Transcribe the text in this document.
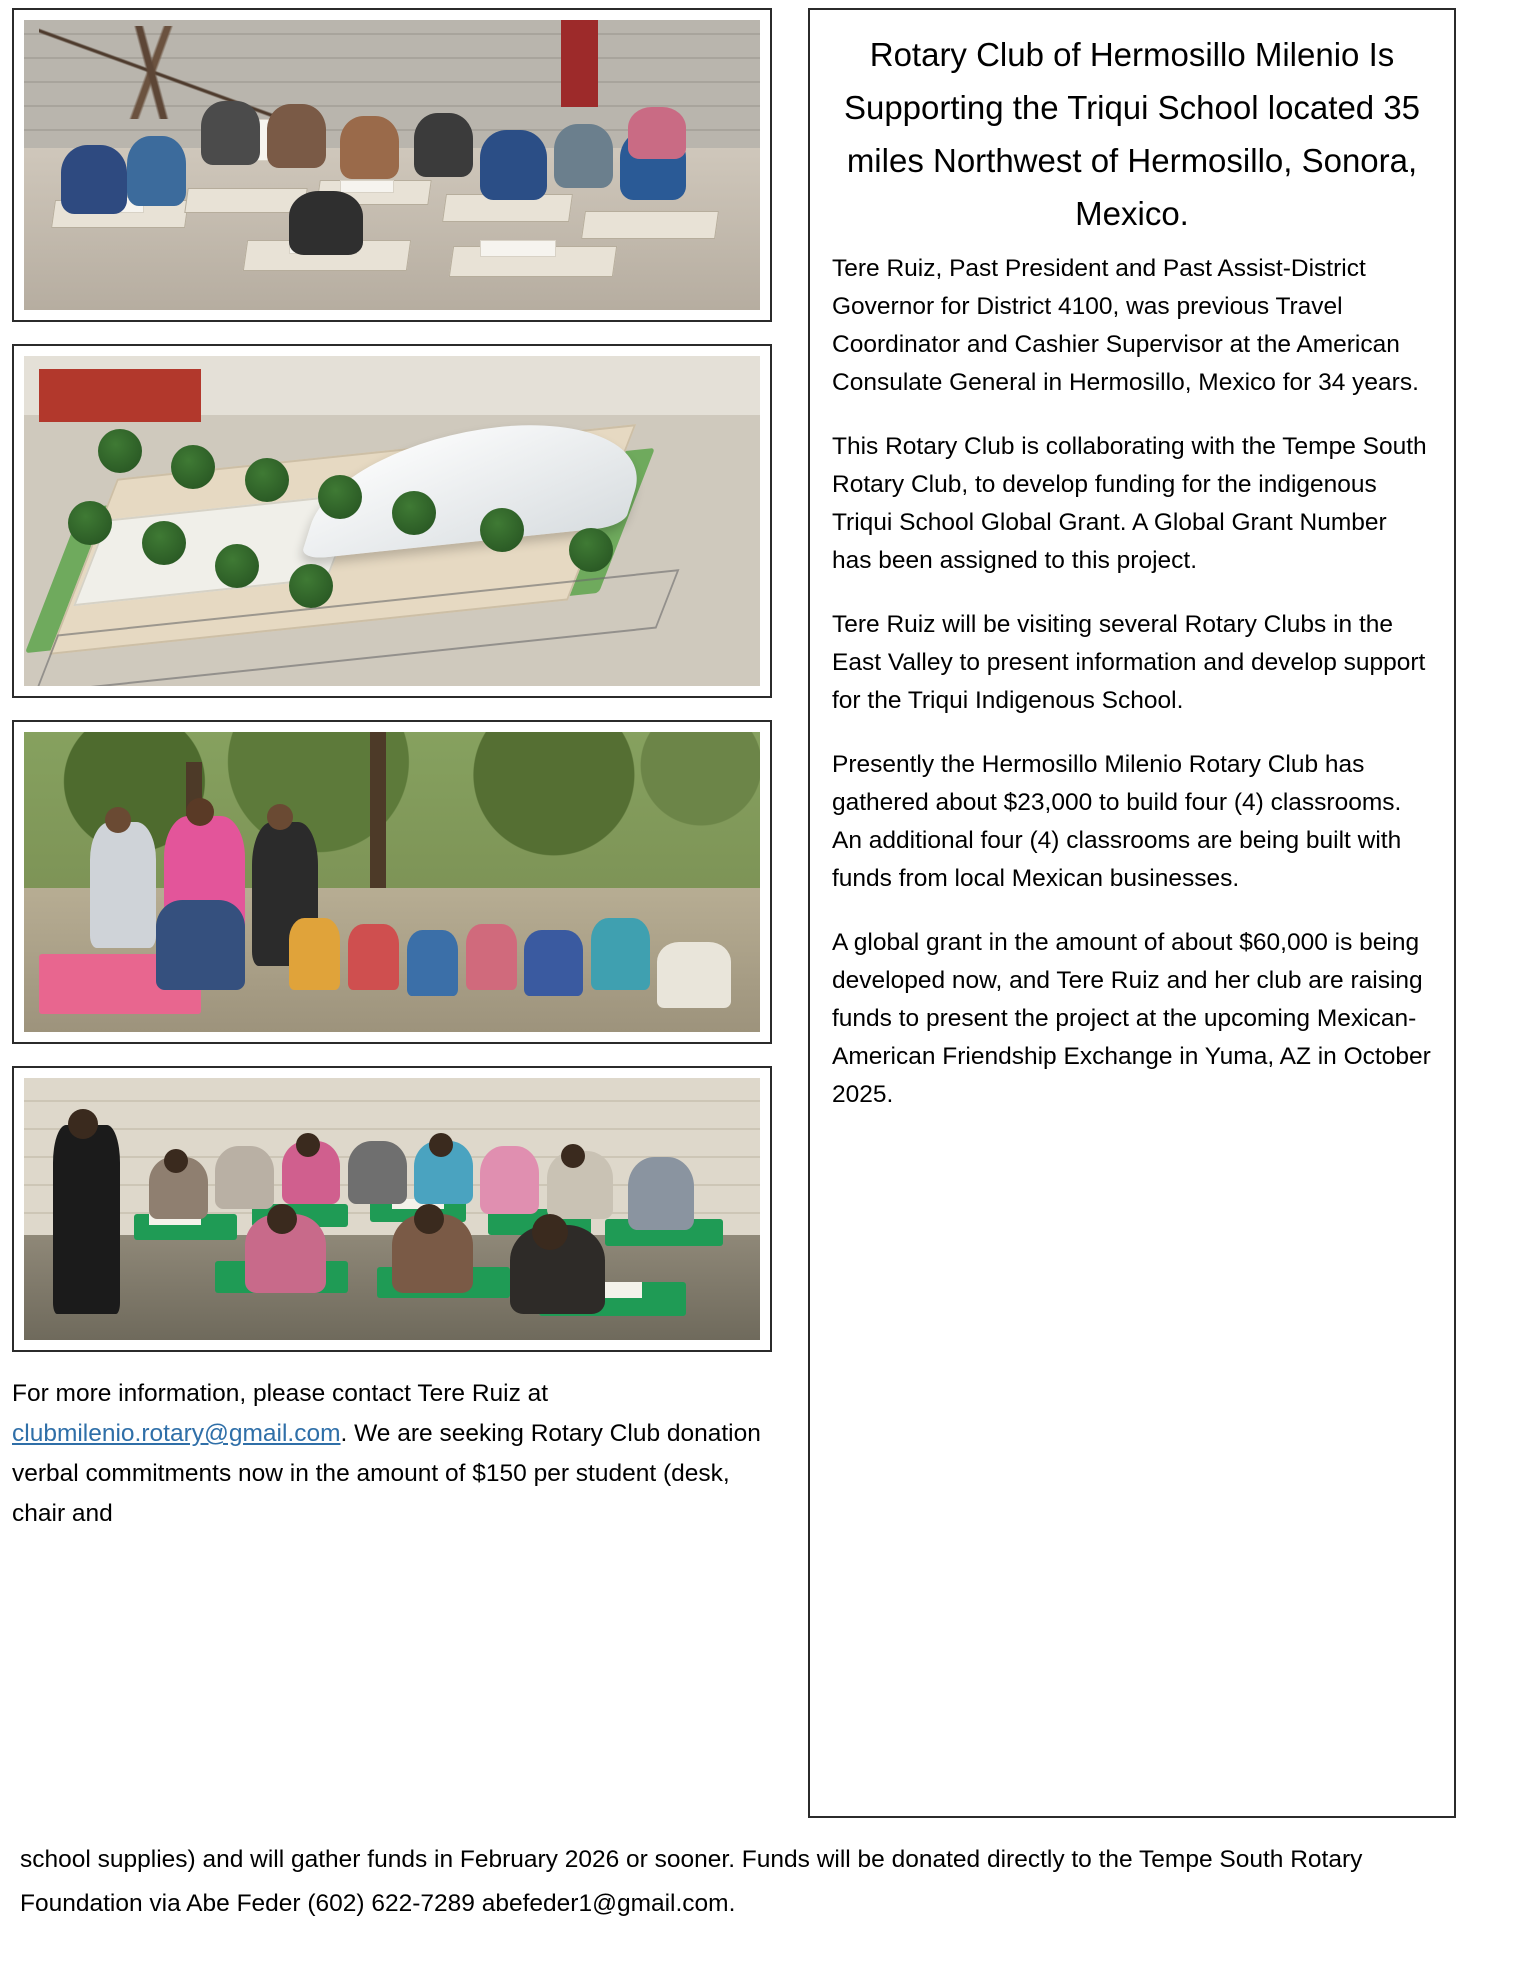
For more information, please contact Tere Ruiz at clubmilenio.rotary@gmail.com. We are seeking Rotary Club donation verbal commitments now in the amount of $150 per student (desk, chair and
Rotary Club of Hermosillo Milenio Is Supporting the Triqui School located 35 miles Northwest of Hermosillo, Sonora, Mexico.

Tere Ruiz, Past President and Past Assist-District Governor for District 4100, was previous Travel Coordinator and Cashier Supervisor at the American Consulate General in Hermosillo, Mexico for 34 years.

This Rotary Club is collaborating with the Tempe South Rotary Club, to develop funding for the indigenous Triqui School Global Grant. A Global Grant Number has been assigned to this project.

Tere Ruiz will be visiting several Rotary Clubs in the East Valley to present information and develop support for the Triqui Indigenous School.

Presently the Hermosillo Milenio Rotary Club has gathered about $23,000 to build four (4) classrooms. An additional four (4) classrooms are being built with funds from local Mexican businesses.

A global grant in the amount of about $60,000 is being developed now, and Tere Ruiz and her club are raising funds to present the project at the upcoming Mexican-American Friendship Exchange in Yuma, AZ in October 2025.

school supplies) and will gather funds in February 2026 or sooner. Funds will be donated directly to the Tempe South Rotary Foundation via Abe Feder (602) 622-7289 abefeder1@gmail.com.
